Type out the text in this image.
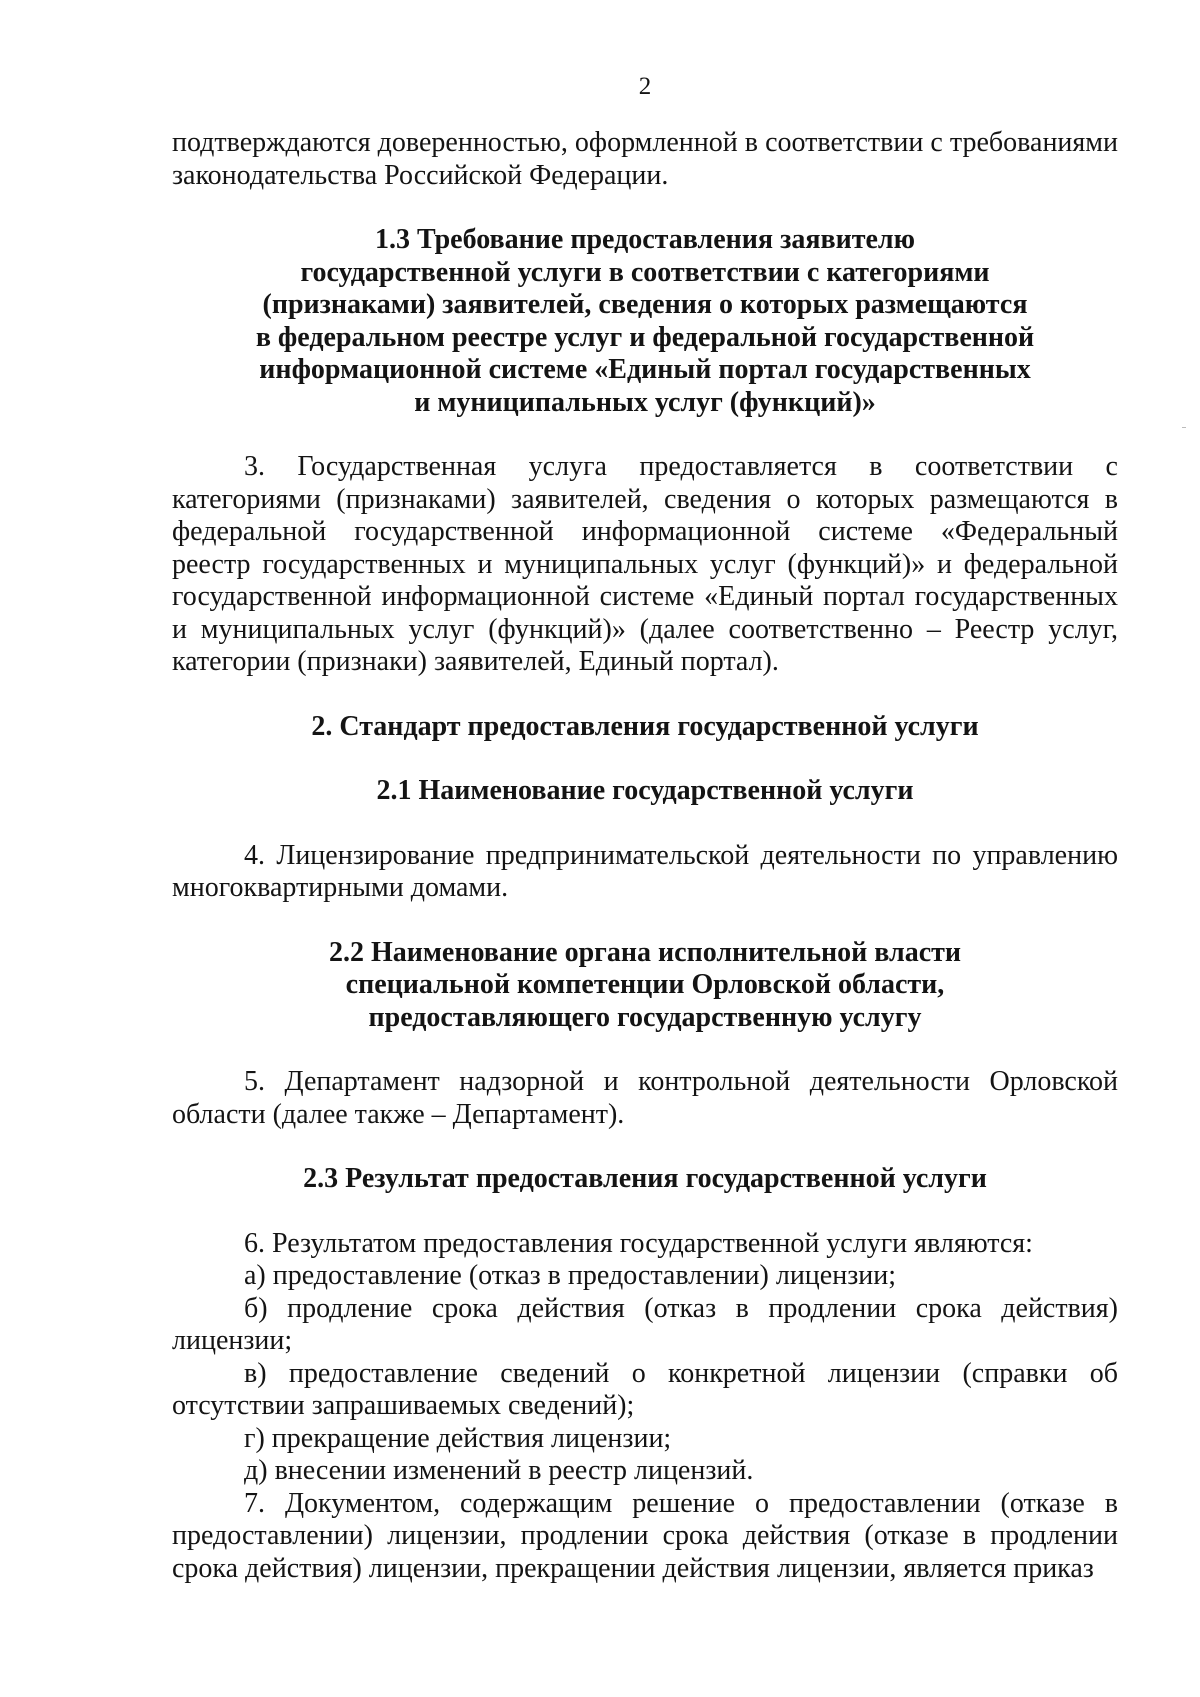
2

подтверждаются доверенностью, оформленной в соответствии с требованиями законодательства Российской Федерации.

1.3 Требование предоставления заявителю
государственной услуги в соответствии с категориями
(признаками) заявителей, сведения о которых размещаются
в федеральном реестре услуг и федеральной государственной
информационной системе «Единый портал государственных
и муниципальных услуг (функций)»

3. Государственная услуга предоставляется в соответствии с категориями (признаками) заявителей, сведения о которых размещаются в федеральной государственной информационной системе «Федеральный реестр государственных и муниципальных услуг (функций)» и федеральной государственной информационной системе «Единый портал государственных и муниципальных услуг (функций)» (далее соответственно – Реестр услуг, категории (признаки) заявителей, Единый портал).

2. Стандарт предоставления государственной услуги
2.1 Наименование государственной услуги

4. Лицензирование предпринимательской деятельности по управлению многоквартирными домами.

2.2 Наименование органа исполнительной власти
специальной компетенции Орловской области,
предоставляющего государственную услугу

5. Департамент надзорной и контрольной деятельности Орловской области (далее также – Департамент).

2.3 Результат предоставления государственной услуги

6. Результатом предоставления государственной услуги являются:

а) предоставление (отказ в предоставлении) лицензии;

б) продление срока действия (отказ в продлении срока действия) лицензии;

в) предоставление сведений о конкретной лицензии (справки об отсутствии запрашиваемых сведений);

г) прекращение действия лицензии;

д) внесении изменений в реестр лицензий.

7. Документом, содержащим решение о предоставлении (отказе в предоставлении) лицензии, продлении срока действия (отказе в продлении срока действия) лицензии, прекращении действия лицензии, является приказ
